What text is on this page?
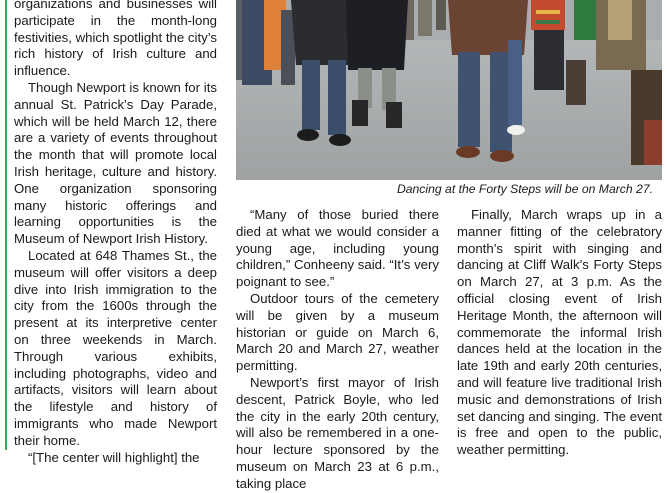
organizations and businesses will participate in the month-long festivities, which spotlight the city’s rich history of Irish culture and influence.

Though Newport is known for its annual St. Patrick’s Day Parade, which will be held March 12, there are a variety of events throughout the month that will promote local Irish heritage, culture and history. One organization sponsoring many historic offerings and learning opportunities is the Museum of Newport Irish History.

Located at 648 Thames St., the museum will offer visitors a deep dive into Irish immigration to the city from the 1600s through the present at its interpretive center on three weekends in March. Through various exhibits, including photographs, video and artifacts, visitors will learn about the lifestyle and history of immigrants who made Newport their home.

“[The center will highlight] the

Dancing at the Forty Steps will be on March 27.

“Many of those buried there died at what we would consider a young age, including young children,” Conheeny said. “It’s very poignant to see.”

Outdoor tours of the cemetery will be given by a museum historian or guide on March 6, March 20 and March 27, weather permitting.

Newport’s first mayor of Irish descent, Patrick Boyle, who led the city in the early 20th century, will also be remembered in a one-hour lecture sponsored by the museum on March 23 at 6 p.m., taking place

Finally, March wraps up in a manner fitting of the celebratory month’s spirit with singing and dancing at Cliff Walk’s Forty Steps on March 27, at 3 p.m. As the official closing event of Irish Heritage Month, the afternoon will commemorate the informal Irish dances held at the location in the late 19th and early 20th centuries, and will feature live traditional Irish music and demonstrations of Irish set dancing and singing. The event is free and open to the public, weather permitting.
